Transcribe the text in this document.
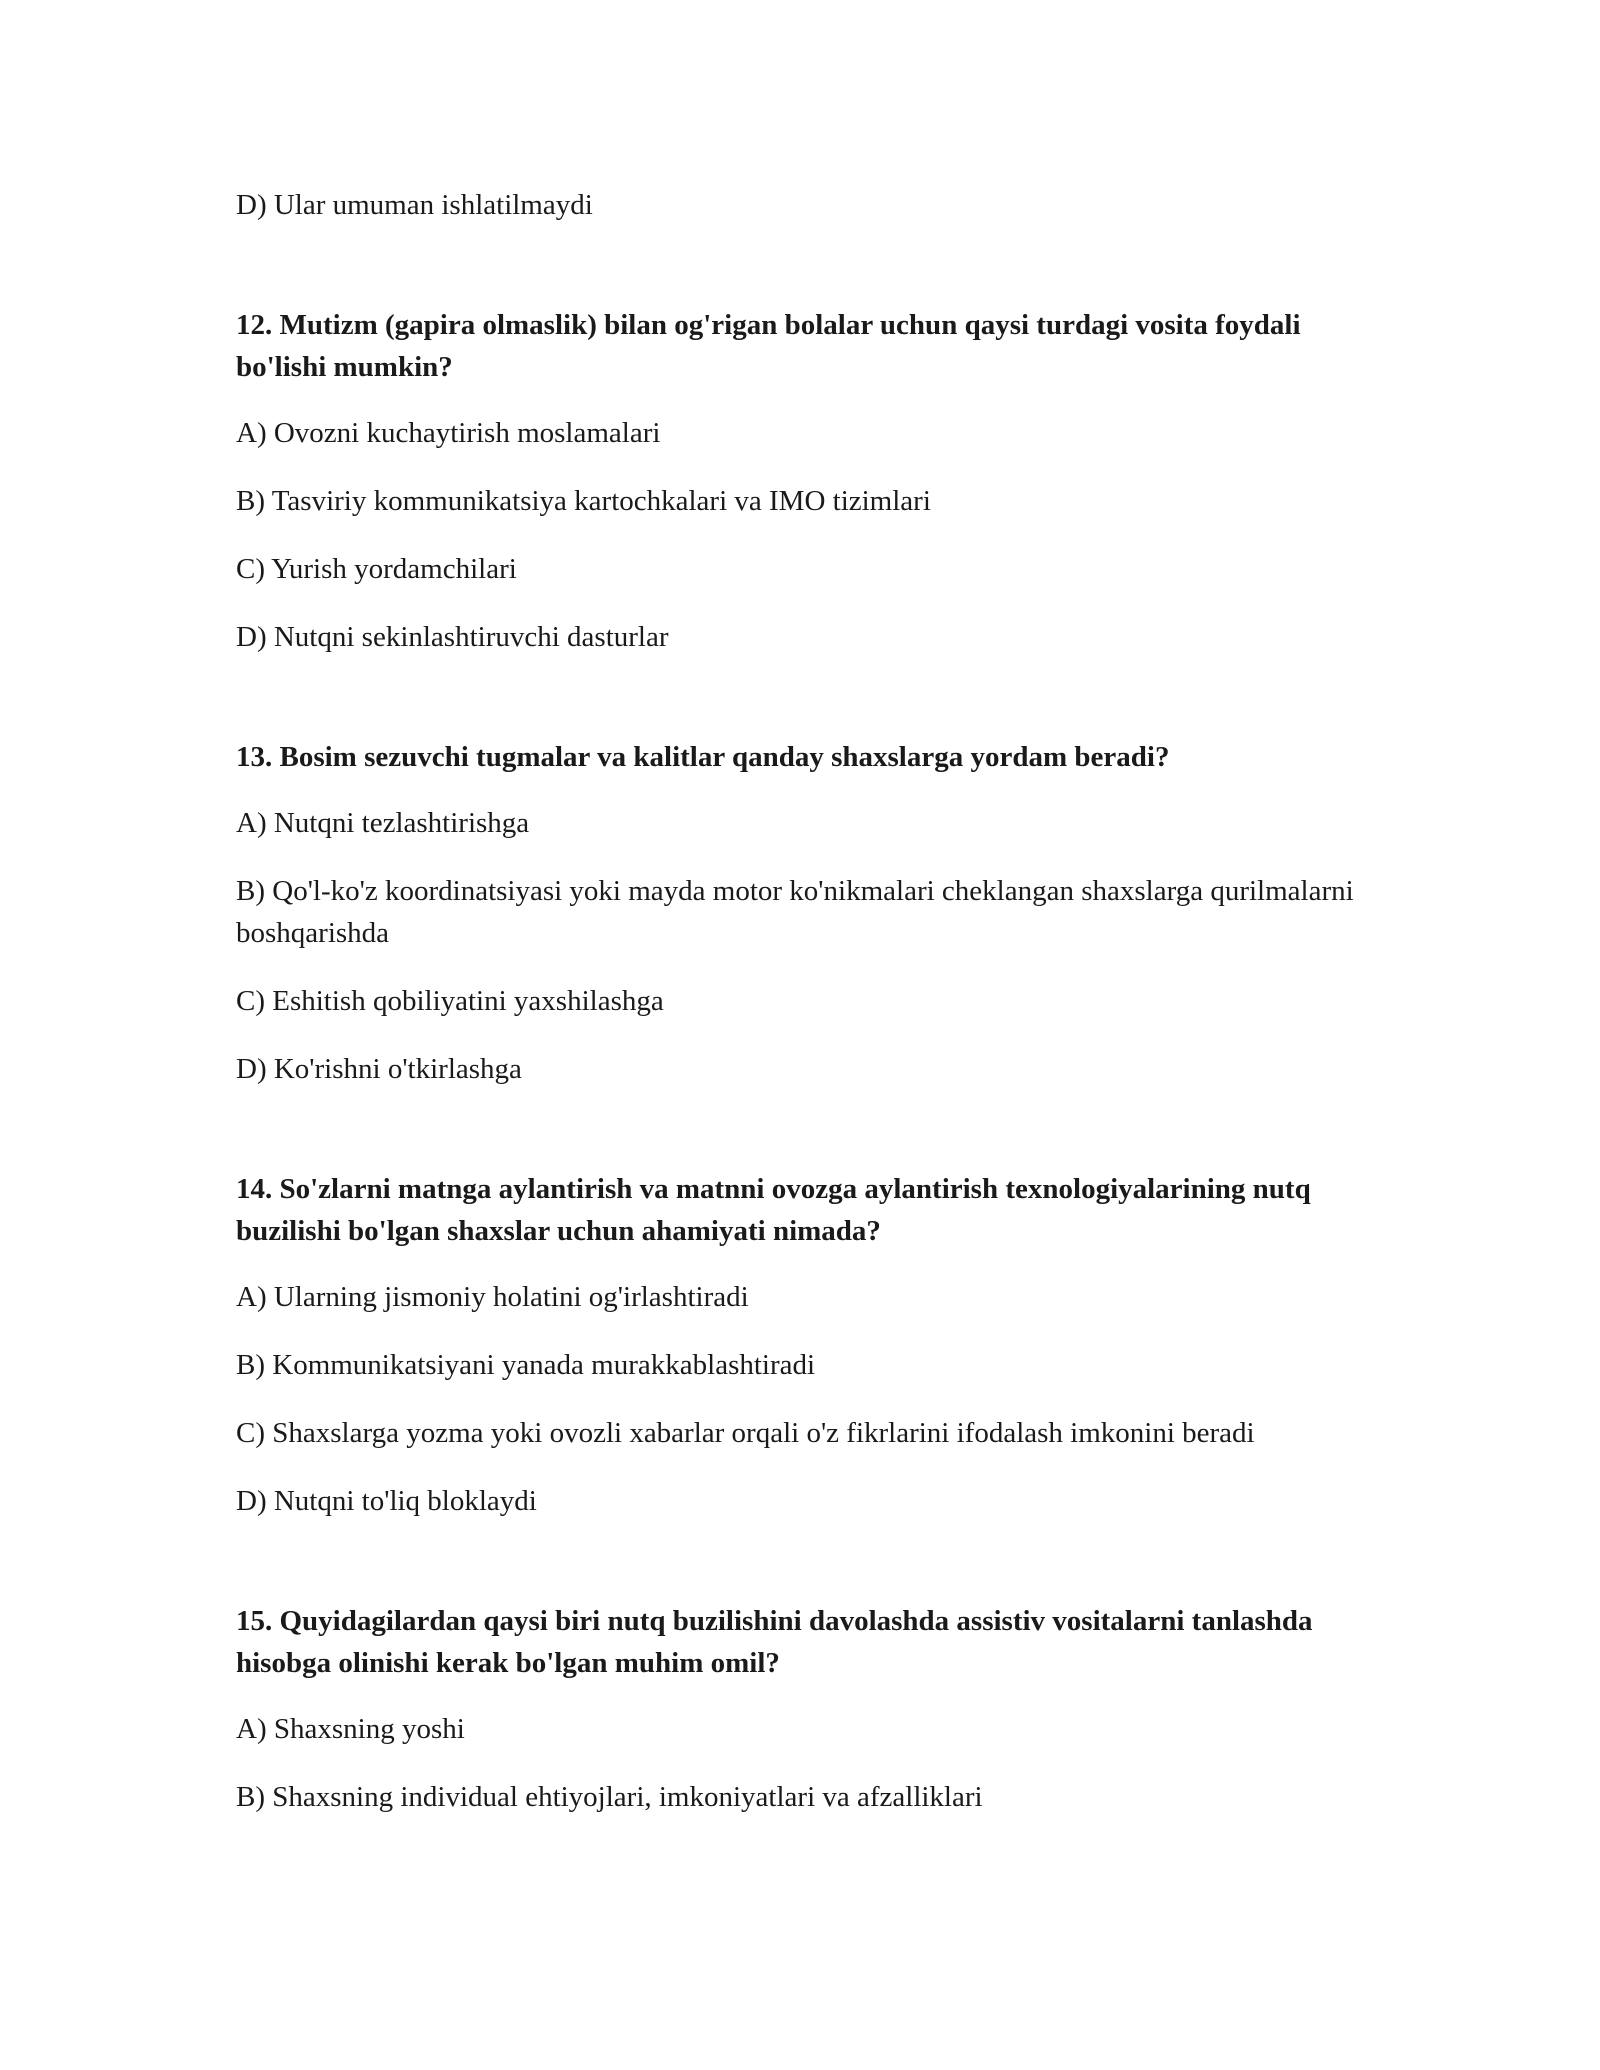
D) Ular umuman ishlatilmaydi

12. Mutizm (gapira olmaslik) bilan og'rigan bolalar uchun qaysi turdagi vosita foydali bo'lishi mumkin?

A) Ovozni kuchaytirish moslamalari
B) Tasviriy kommunikatsiya kartochkalari va IMO tizimlari
C) Yurish yordamchilari
D) Nutqni sekinlashtiruvchi dasturlar

13. Bosim sezuvchi tugmalar va kalitlar qanday shaxslarga yordam beradi?

A) Nutqni tezlashtirishga
B) Qo'l-ko'z koordinatsiyasi yoki mayda motor ko'nikmalari cheklangan shaxslarga qurilmalarni boshqarishda
C) Eshitish qobiliyatini yaxshilashga
D) Ko'rishni o'tkirlashga

14. So'zlarni matnga aylantirish va matnni ovozga aylantirish texnologiyalarining nutq buzilishi bo'lgan shaxslar uchun ahamiyati nimada?

A) Ularning jismoniy holatini og'irlashtiradi
B) Kommunikatsiyani yanada murakkablashtiradi
C) Shaxslarga yozma yoki ovozli xabarlar orqali o'z fikrlarini ifodalash imkonini beradi
D) Nutqni to'liq bloklaydi

15. Quyidagilardan qaysi biri nutq buzilishini davolashda assistiv vositalarni tanlashda hisobga olinishi kerak bo'lgan muhim omil?

A) Shaxsning yoshi
B) Shaxsning individual ehtiyojlari, imkoniyatlari va afzalliklari
